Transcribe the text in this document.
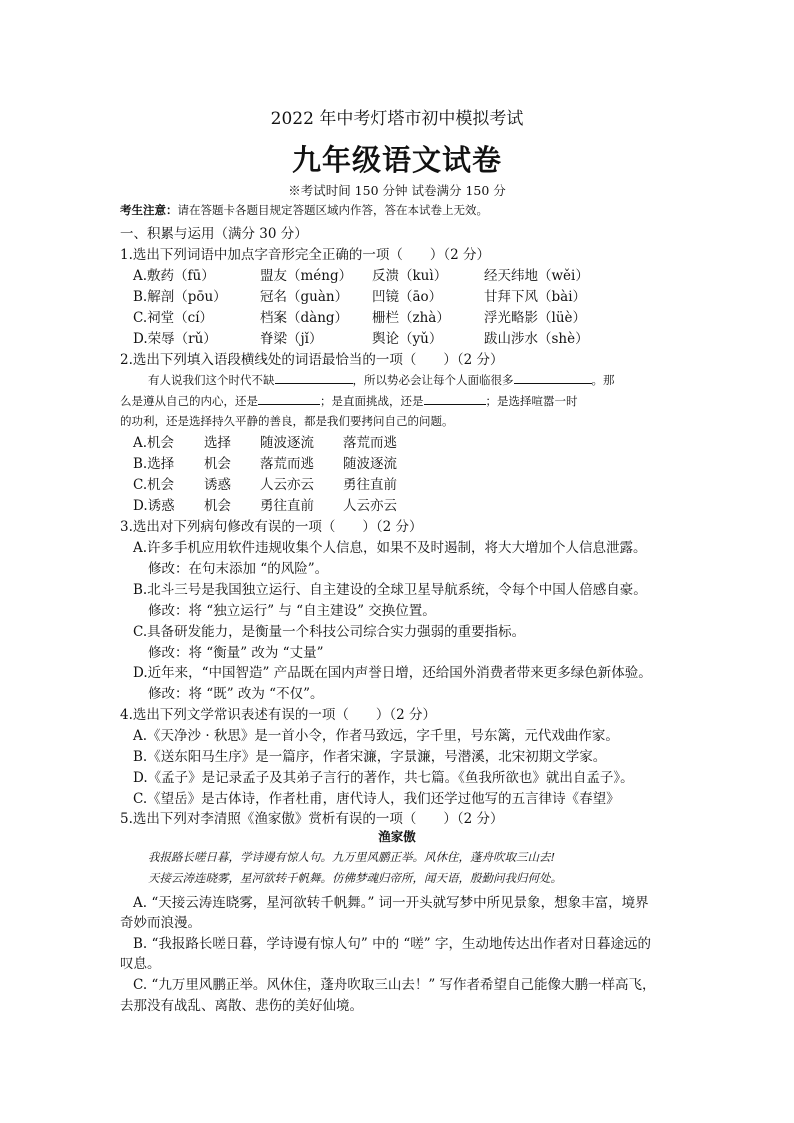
2022 年中考灯塔市初中模拟考试
九年级语文试卷
※考试时间 150 分钟 试卷满分 150 分
考生注意：请在答题卡各题目规定答题区域内作答，答在本试卷上无效。
一、积累与运用（满分 30 分）
1.选出下列词语中加点字音形完全正确的一项（　　）（2 分）
A.敷药（fū）	盟友（méng） 反溃（kuì）	经天纬地（wěi）
B.解剖（pōu） 冠名（guàn） 凹镜（āo）	甘拜下风（bài）
C.祠堂（cí）	档案（dàng） 栅栏（zhà）	浮光略影（lüè）
D.荣辱（rǔ）	脊梁（jǐ）	舆论（yǔ）	跋山涉水（shè）
2.选出下列填入语段横线处的词语最恰当的一项（　　）（2 分）
有人说我们这个时代不缺	，所以势必会让每个人面临很多	。那
么是遵从自己的内心，还是	；是直面挑战，还是	；是选择喧嚣一时
的功利，还是选择持久平静的善良，都是我们要拷问自己的问题。
A.机会 选择 随波逐流 落荒而逃
B.选择 机会 落荒而逃 随波逐流
C.机会 诱惑 人云亦云 勇往直前
D.诱惑 机会 勇往直前 人云亦云
3.选出对下列病句修改有误的一项（　　）（2 分）
A.许多手机应用软件违规收集个人信息，如果不及时遏制，将大大增加个人信息泄露。
修改：在句末添加 “的风险”。
B.北斗三号是我国独立运行、自主建设的全球卫星导航系统，令每个中国人倍感自豪。
修改：将 “独立运行” 与 “自主建设” 交换位置。
C.具备研发能力，是衡量一个科技公司综合实力强弱的重要指标。
修改：将 “衡量” 改为 “丈量”
D.近年来，“中国智造” 产品既在国内声誉日增，还给国外消费者带来更多绿色新体验。
修改：将 “既” 改为 “不仅”。
4.选出下列文学常识表述有误的一项（　　）（2 分）
A.《天净沙 · 秋思》是一首小令，作者马致远，字千里，号东篱，元代戏曲作家。
B.《送东阳马生序》是一篇序，作者宋濂，字景濂，号潜溪，北宋初期文学家。
D.《孟子》是记录孟子及其弟子言行的著作，共七篇。《鱼我所欲也》就出自孟子》。
C.《望岳》是古体诗，作者杜甫，唐代诗人，我们还学过他写的五言律诗《春望》
5.选出下列对李清照《渔家傲》赏析有误的一项（　　）（2 分）
渔家傲
我报路长嗟日暮，学诗谩有惊人句。九万里风鹏正举。风休住，蓬舟吹取三山去!
天接云涛连晓雾，星河欲转千帆舞。仿佛梦魂归帝所，闻天语，殷勤问我归何处。
A. “天接云涛连晓雾，星河欲转千帆舞。” 词一开头就写梦中所见景象，想象丰富，境界
奇妙而浪漫。
B. “我报路长嗟日暮，学诗谩有惊人句” 中的 “嗟” 字，生动地传达出作者对日暮途远的
叹息。
C. “九万里风鹏正举。风休住，蓬舟吹取三山去！” 写作者希望自己能像大鹏一样高飞，
去那没有战乱、离散、悲伤的美好仙境。
